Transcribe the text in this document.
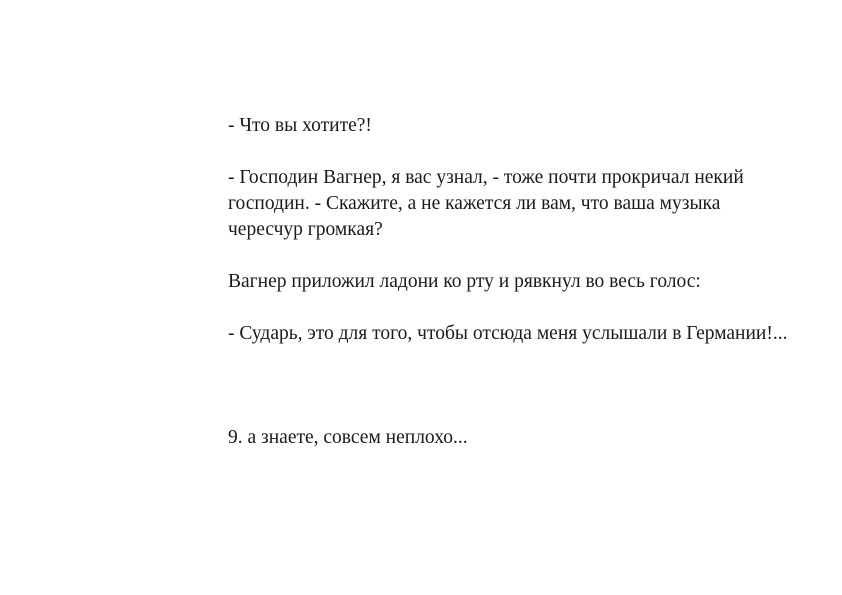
- Что вы хотите?!

- Господин Вагнер, я вас узнал, - тоже почти прокричал некий господин. - Скажите, а не кажется ли вам, что ваша музыка чересчур громкая?

Вагнер приложил ладони ко рту и рявкнул во весь голос:

- Сударь, это для того, чтобы отсюда меня услышали в Германии!...

9. а знаете, совсем неплохо...
